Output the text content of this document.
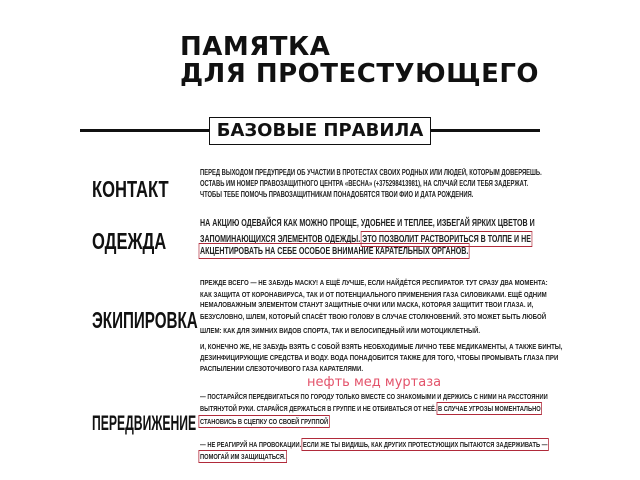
ПАМЯТКА
ДЛЯ ПРОТЕСТУЮЩЕГО
БАЗОВЫЕ ПРАВИЛА
КОНТАКТ
ОДЕЖДА
ЭКИПИРОВКА
ПЕРЕДВИЖЕНИЕ
ПЕРЕД ВЫХОДОМ ПРЕДУПРЕДИ ОБ УЧАСТИИ В ПРОТЕСТАХ СВОИХ РОДНЫХ ИЛИ ЛЮДЕЙ, КОТОРЫМ ДОВЕРЯЕШЬ.
ОСТАВЬ ИМ НОМЕР ПРАВОЗАЩИТНОГО ЦЕНТРА «ВЕСНА» (+375298413981), НА СЛУЧАЙ ЕСЛИ ТЕБЯ ЗАДЕРЖАТ.
ЧТОБЫ ТЕБЕ ПОМОЧЬ ПРАВОЗАЩИТНИКАМ ПОНАДОБЯТСЯ ТВОИ ФИО И ДАТА РОЖДЕНИЯ.
НА АКЦИЮ ОДЕВАЙСЯ КАК МОЖНО ПРОЩЕ, УДОБНЕЕ И ТЕПЛЕЕ, ИЗБЕГАЙ ЯРКИХ ЦВЕТОВ И
ЗАПОМИНАЮЩИХСЯ ЭЛЕМЕНТОВ ОДЕЖДЫ. ЭТО ПОЗВОЛИТ РАСТВОРИТЬСЯ В ТОЛПЕ И НЕ
АКЦЕНТИРОВАТЬ НА СЕБЕ ОСОБОЕ ВНИМАНИЕ КАРАТЕЛЬНЫХ ОРГАНОВ.
ПРЕЖДЕ ВСЕГО — НЕ ЗАБУДЬ МАСКУ! А ЕЩЁ ЛУЧШЕ, ЕСЛИ НАЙДЁТСЯ РЕСПИРАТОР. ТУТ СРАЗУ ДВА МОМЕНТА:
КАК ЗАЩИТА ОТ КОРОНАВИРУСА, ТАК И ОТ ПОТЕНЦИАЛЬНОГО ПРИМЕНЕНИЯ ГАЗА СИЛОВИКАМИ. ЕЩЁ ОДНИМ
НЕМАЛОВАЖНЫМ ЭЛЕМЕНТОМ СТАНУТ ЗАЩИТНЫЕ ОЧКИ ИЛИ МАСКА, КОТОРАЯ ЗАЩИТИТ ТВОИ ГЛАЗА. И,
БЕЗУСЛОВНО, ШЛЕМ, КОТОРЫЙ СПАСЁТ ТВОЮ ГОЛОВУ В СЛУЧАЕ СТОЛКНОВЕНИЙ. ЭТО МОЖЕТ БЫТЬ ЛЮБОЙ
ШЛЕМ: КАК ДЛЯ ЗИМНИХ ВИДОВ СПОРТА, ТАК И ВЕЛОСИПЕДНЫЙ ИЛИ МОТОЦИКЛЕТНЫЙ.
И, КОНЕЧНО ЖЕ, НЕ ЗАБУДЬ ВЗЯТЬ С СОБОЙ ВЗЯТЬ НЕОБХОДИМЫЕ ЛИЧНО ТЕБЕ МЕДИКАМЕНТЫ, А ТАКЖЕ БИНТЫ,
ДЕЗИНФИЦИРУЮЩИЕ СРЕДСТВА И ВОДУ. ВОДА ПОНАДОБИТСЯ ТАКЖЕ ДЛЯ ТОГО, ЧТОБЫ ПРОМЫВАТЬ ГЛАЗА ПРИ
РАСПЫЛЕНИИ СЛЕЗОТОЧИВОГО ГАЗА КАРАТЕЛЯМИ.
— ПОСТАРАЙСЯ ПЕРЕДВИГАТЬСЯ ПО ГОРОДУ ТОЛЬКО ВМЕСТЕ СО ЗНАКОМЫМИ И ДЕРЖИСЬ С НИМИ НА РАССТОЯНИИ
ВЫТЯНУТОЙ РУКИ. СТАРАЙСЯ ДЕРЖАТЬСЯ В ГРУППЕ И НЕ ОТБИВАТЬСЯ ОТ НЕЁ. В СЛУЧАЕ УГРОЗЫ МОМЕНТАЛЬНО
СТАНОВИСЬ В СЦЕПКУ СО СВОЕЙ ГРУППОЙ
— НЕ РЕАГИРУЙ НА ПРОВОКАЦИИ. ЕСЛИ ЖЕ ТЫ ВИДИШЬ, КАК ДРУГИХ ПРОТЕСТУЮЩИХ ПЫТАЮТСЯ ЗАДЕРЖИВАТЬ —
ПОМОГАЙ ИМ ЗАЩИЩАТЬСЯ.
нефть мед муртаза
